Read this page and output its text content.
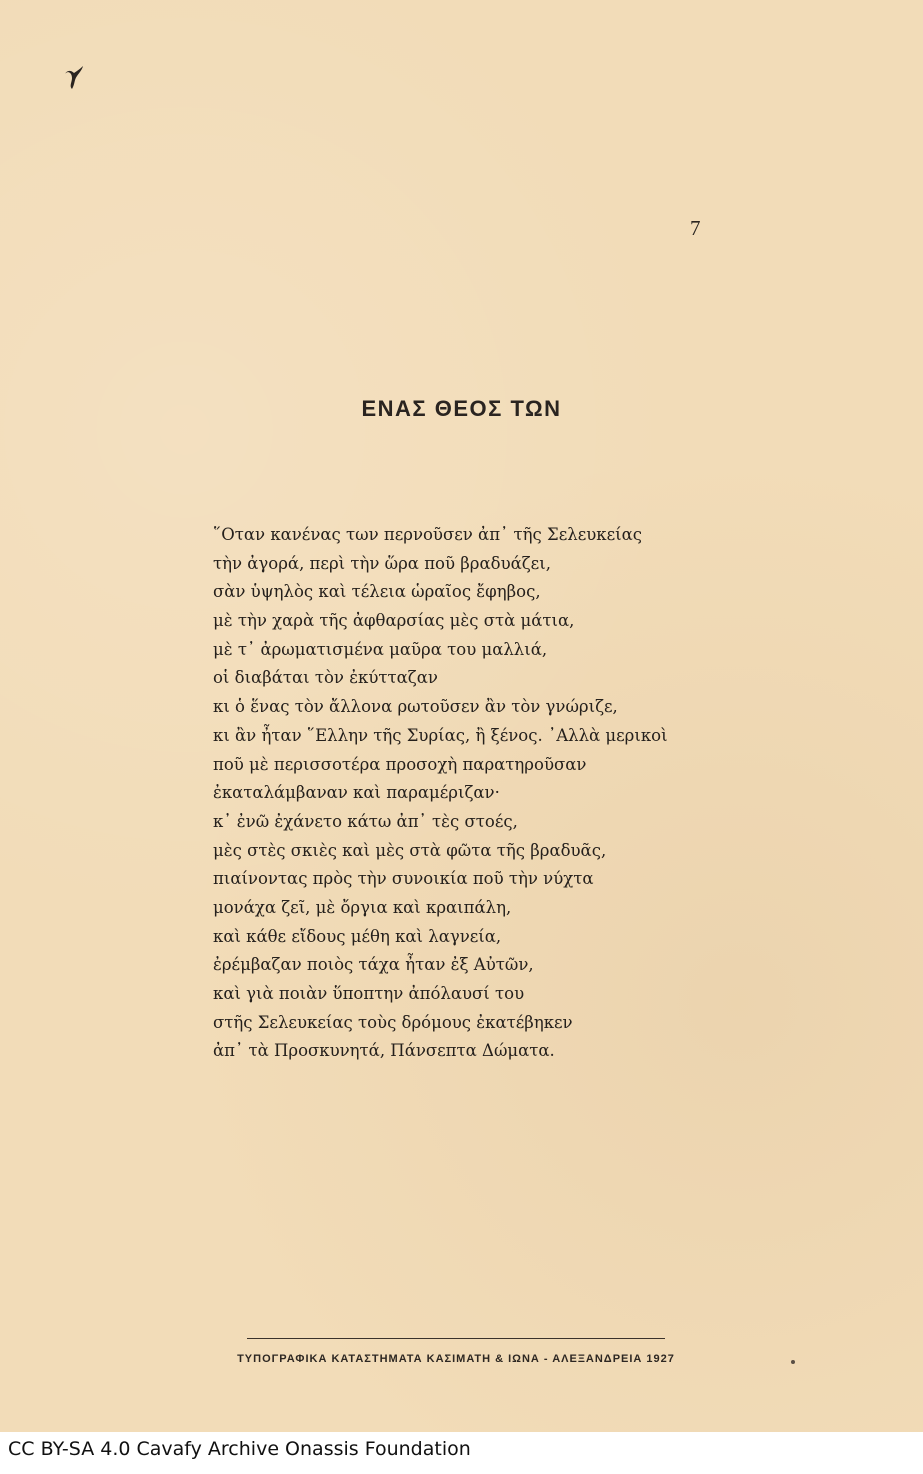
7
ΕΝΑΣ ΘΕΟΣ ΤΩΝ
῞Οταν κανένας των περνοῦσεν ἀπ᾿ τῆς Σελευκείας
τὴν ἀγορά, περὶ τὴν ὥρα ποῦ βραδυάζει,
σὰν ὑψηλὸς καὶ τέλεια ὡραῖος ἔφηβος,
μὲ τὴν χαρὰ τῆς ἀφθαρσίας μὲς στὰ μάτια,
μὲ τ᾿ ἀρωματισμένα μαῦρα του μαλλιά,
οἱ διαβάται τὸν ἐκύτταζαν
κι ὁ ἕνας τὸν ἄλλονα ρωτοῦσεν ἂν τὸν γνώριζε,
κι ἂν ἦταν ῞Ελλην τῆς Συρίας, ἢ ξένος. ᾿Αλλὰ μερικοὶ
ποῦ μὲ περισσοτέρα προσοχὴ παρατηροῦσαν
ἐκαταλάμβαναν καὶ παραμέριζαν·
κ᾿ ἐνῶ ἐχάνετο κάτω ἀπ᾿ τὲς στοές,
μὲς στὲς σκιὲς καὶ μὲς στὰ φῶτα τῆς βραδυᾶς,
πιαίνοντας πρὸς τὴν συνοικία ποῦ τὴν νύχτα
μονάχα ζεῖ, μὲ ὄργια καὶ κραιπάλη,
καὶ κάθε εἴδους μέθη καὶ λαγνεία,
ἐρέμβαζαν ποιὸς τάχα ἦταν ἐξ Αὐτῶν,
καὶ γιὰ ποιὰν ὕποπτην ἀπόλαυσί του
στῆς Σελευκείας τοὺς δρόμους ἐκατέβηκεν
ἀπ᾿ τὰ Προσκυνητά, Πάνσεπτα Δώματα.
ΤΥΠΟΓΡΑΦΙΚΑ ΚΑΤΑΣΤΗΜΑΤΑ ΚΑΣΙΜΑΤΗ & ΙΩΝΑ - ΑΛΕΞΑΝΔΡΕΙΑ 1927
CC BY-SA 4.0 Cavafy Archive Onassis Foundation
